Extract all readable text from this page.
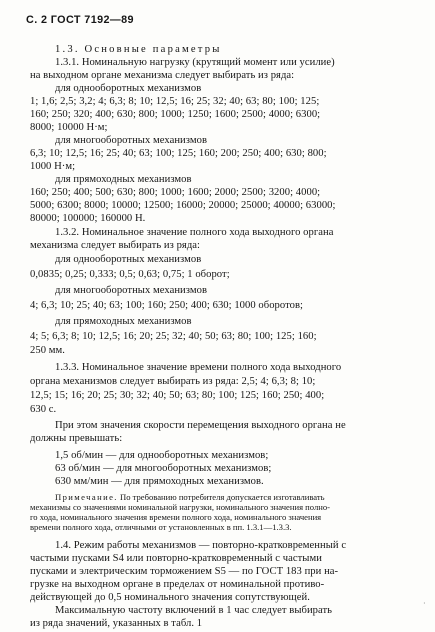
С. 2 ГОСТ 7192—89
1.3. Основные параметры
1.3.1. Номинальную нагрузку (крутящий момент или усилие)
на выходном органе механизма следует выбирать из ряда:
для однооборотных механизмов
1; 1,6; 2,5; 3,2; 4; 6,3; 8; 10; 12,5; 16; 25; 32; 40; 63; 80; 100; 125;
160; 250; 320; 400; 630; 800; 1000; 1250; 1600; 2500; 4000; 6300;
8000; 10000 Н·м;
для многооборотных механизмов
6,3; 10; 12,5; 16; 25; 40; 63; 100; 125; 160; 200; 250; 400; 630; 800;
1000 Н·м;
для прямоходных механизмов
160; 250; 400; 500; 630; 800; 1000; 1600; 2000; 2500; 3200; 4000;
5000; 6300; 8000; 10000; 12500; 16000; 20000; 25000; 40000; 63000;
80000; 100000; 160000 Н.
1.3.2. Номинальное значение полного хода выходного органа
механизма следует выбирать из ряда:
для однооборотных механизмов
0,0835; 0,25; 0,333; 0,5; 0,63; 0,75; 1 оборот;
для многооборотных механизмов
4; 6,3; 10; 25; 40; 63; 100; 160; 250; 400; 630; 1000 оборотов;
для прямоходных механизмов
4; 5; 6,3; 8; 10; 12,5; 16; 20; 25; 32; 40; 50; 63; 80; 100; 125; 160;
250 мм.
1.3.3. Номинальное значение времени полного хода выходного
органа механизмов следует выбирать из ряда: 2,5; 4; 6,3; 8; 10;
12,5; 15; 16; 20; 25; 30; 32; 40; 50; 63; 80; 100; 125; 160; 250; 400;
630 с.
При этом значения скорости перемещения выходного органа не
должны превышать:
1,5 об/мин — для однооборотных механизмов;
63 об/мин — для многооборотных механизмов;
630 мм/мин — для прямоходных механизмов.
Примечание. По требованию потребителя допускается изготавливать
механизмы со значениями номинальной нагрузки, номинального значения полно-
го хода, номинального значения времени полного хода, номинального значения
времени полного хода, отличными от установленных в пп. 1.3.1—1.3.3.
1.4. Режим работы механизмов — повторно-кратковременный с
частыми пусками S4 или повторно-кратковременный с частыми
пусками и электрическим торможением S5 — по ГОСТ 183 при на-
грузке на выходном органе в пределах от номинальной противо-
действующей до 0,5 номинального значения сопутствующей.
Максимальную частоту включений в 1 час следует выбирать
из ряда значений, указанных в табл. 1
·
